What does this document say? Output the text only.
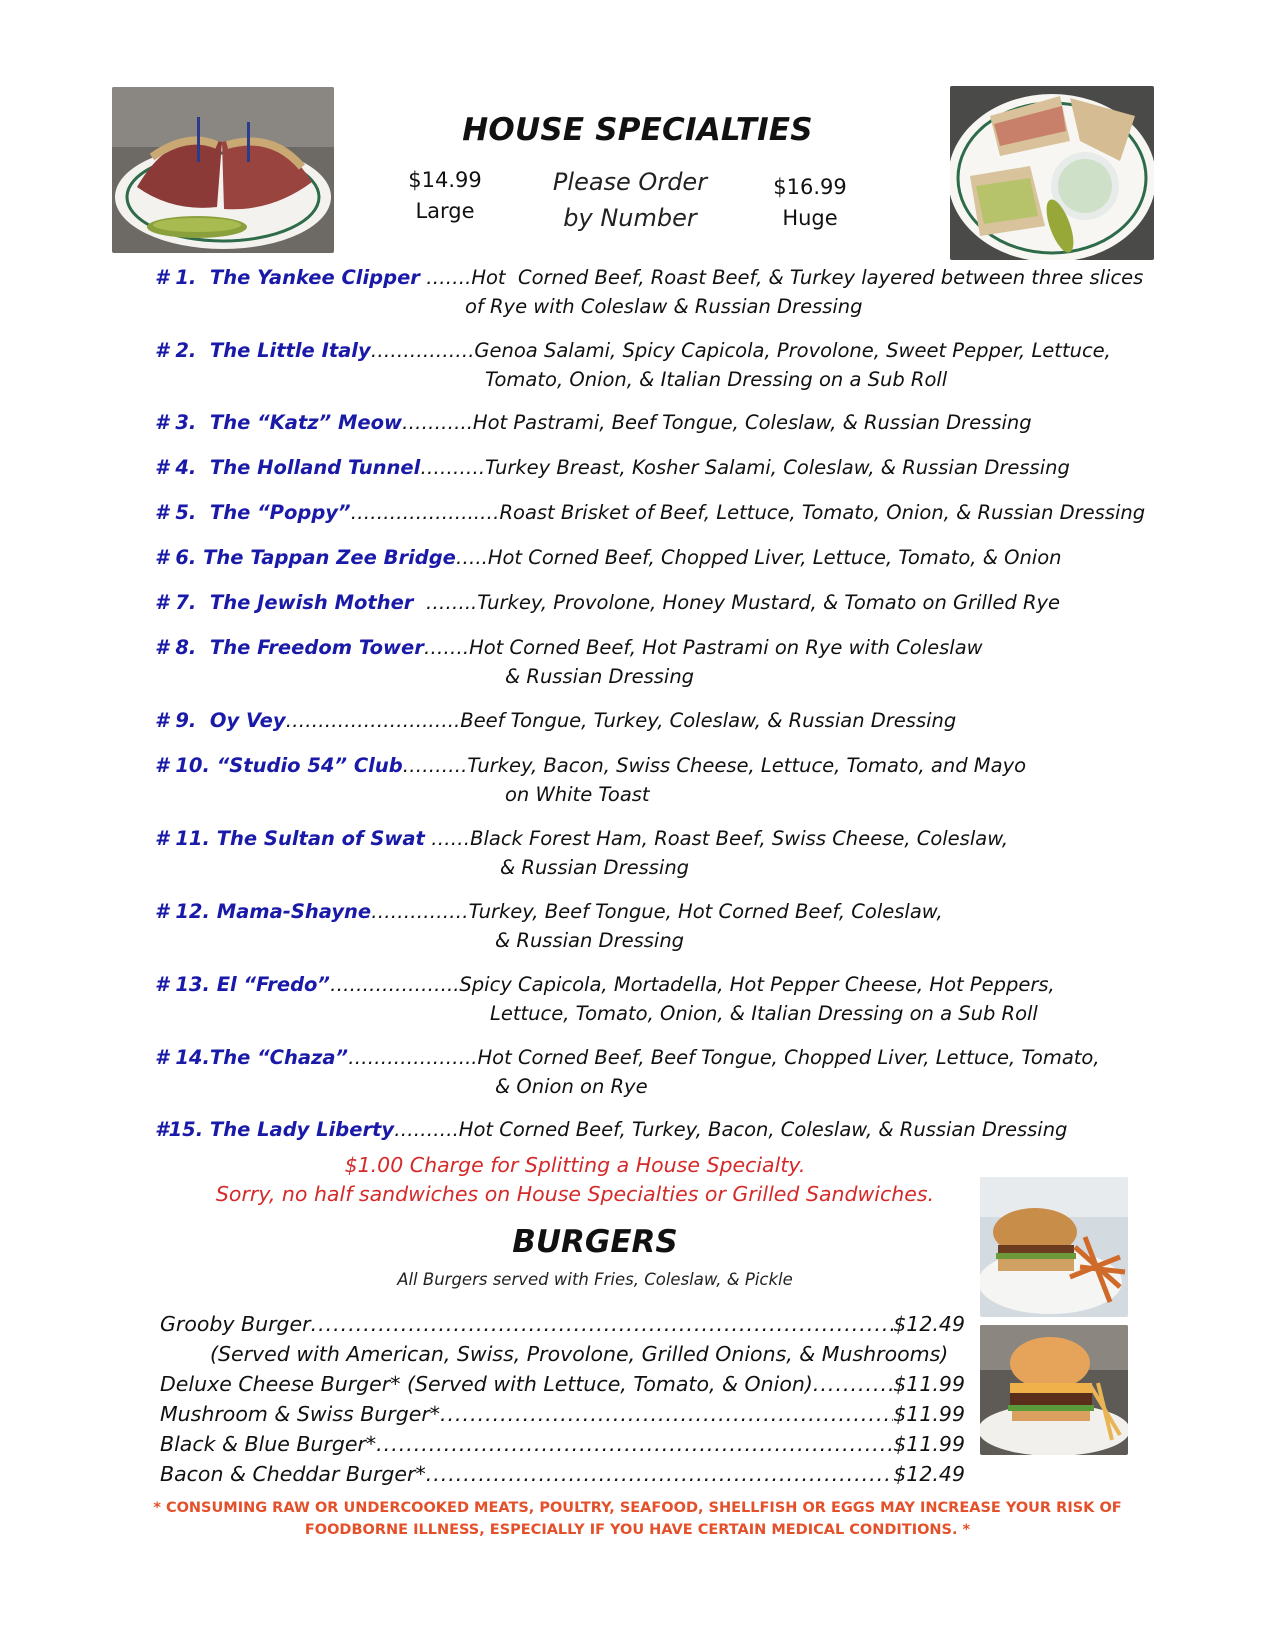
HOUSE SPECIALTIES
$14.99
Large
Please Order
by Number
$16.99
Huge
# 1.  The Yankee Clipper …….Hot  Corned Beef, Roast Beef, & Turkey layered between three slices
of Rye with Coleslaw & Russian Dressing
# 2.  The Little Italy…………….Genoa Salami, Spicy Capicola, Provolone, Sweet Pepper, Lettuce,
Tomato, Onion, & Italian Dressing on a Sub Roll
# 3.  The “Katz” Meow………..Hot Pastrami, Beef Tongue, Coleslaw, & Russian Dressing
# 4.  The Holland Tunnel……….Turkey Breast, Kosher Salami, Coleslaw, & Russian Dressing
# 5.  The “Poppy”………………..…Roast Brisket of Beef, Lettuce, Tomato, Onion, & Russian Dressing
# 6. The Tappan Zee Bridge…..Hot Corned Beef, Chopped Liver, Lettuce, Tomato, & Onion
# 7.  The Jewish Mother  ……..Turkey, Provolone, Honey Mustard, & Tomato on Grilled Rye
# 8.  The Freedom Tower…….Hot Corned Beef, Hot Pastrami on Rye with Coleslaw
& Russian Dressing
# 9.  Oy Vey………………….…..Beef Tongue, Turkey, Coleslaw, & Russian Dressing
# 10. “Studio 54” Club……….Turkey, Bacon, Swiss Cheese, Lettuce, Tomato, and Mayo
on White Toast
# 11. The Sultan of Swat ……Black Forest Ham, Roast Beef, Swiss Cheese, Coleslaw,
& Russian Dressing
# 12. Mama-Shayne……………Turkey, Beef Tongue, Hot Corned Beef, Coleslaw,
& Russian Dressing
# 13. El “Fredo”………………..Spicy Capicola, Mortadella, Hot Pepper Cheese, Hot Peppers,
Lettuce, Tomato, Onion, & Italian Dressing on a Sub Roll
# 14.The “Chaza”………………..Hot Corned Beef, Beef Tongue, Chopped Liver, Lettuce, Tomato,
& Onion on Rye
#15. The Lady Liberty……….Hot Corned Beef, Turkey, Bacon, Coleslaw, & Russian Dressing
$1.00 Charge for Splitting a House Specialty.
Sorry, no half sandwiches on House Specialties or Grilled Sandwiches.
BURGERS
All Burgers served with Fries, Coleslaw, & Pickle
Grooby Burger .....	$12.49
(Served with American, Swiss, Provolone, Grilled Onions, & Mushrooms)
Deluxe Cheese Burger* (Served with Lettuce, Tomato, & Onion) .....	$11.99
Mushroom & Swiss Burger* .....	$11.99
Black & Blue Burger* .....	$11.99
Bacon & Cheddar Burger* .....	$12.49
* CONSUMING RAW OR UNDERCOOKED MEATS, POULTRY, SEAFOOD, SHELLFISH OR EGGS MAY INCREASE YOUR RISK OF
FOODBORNE ILLNESS, ESPECIALLY IF YOU HAVE CERTAIN MEDICAL CONDITIONS. *
